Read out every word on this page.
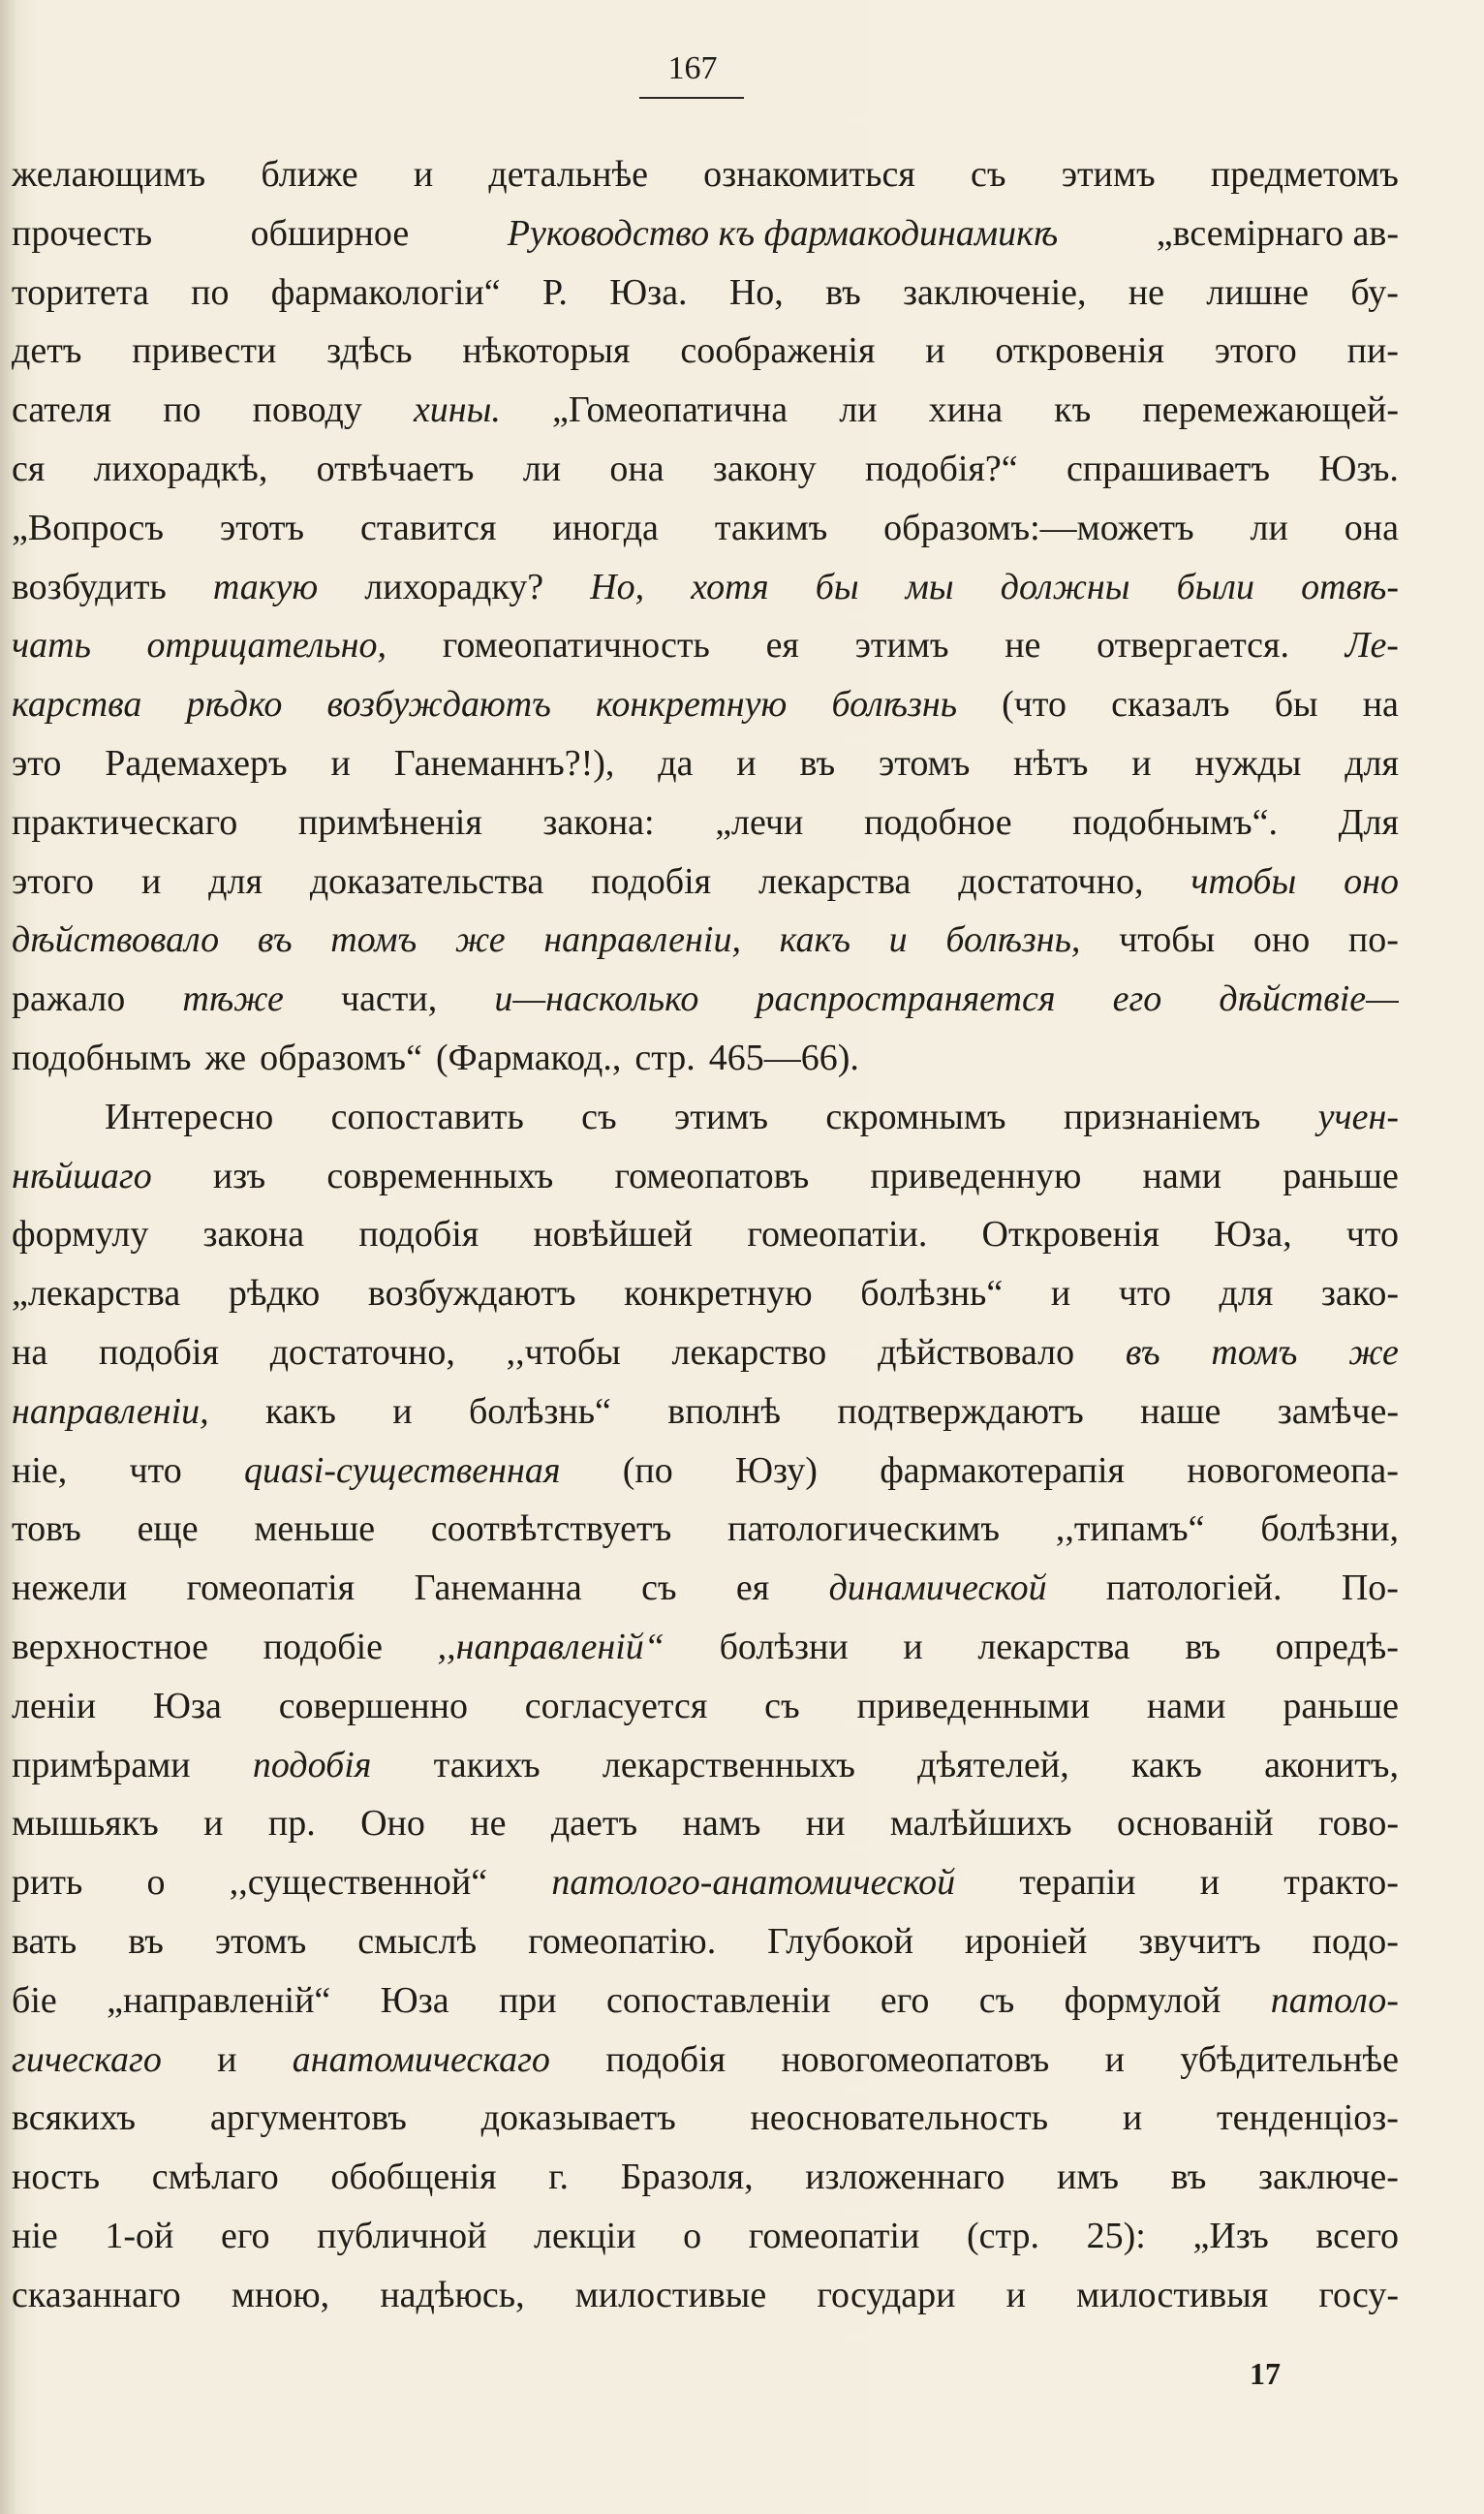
167
желающимъ ближе и детальнѣе ознакомиться съ этимъ предметомъ
прочесть	обширное	Руководство къ фармакодинамикѣ	„всемірнаго ав-
торитета по фармакологіи“ Р. Юза. Но, въ заключеніе, не лишне бу-
детъ привести здѣсь нѣкоторыя соображенія и откровенія этого пи-
сателя по поводу хины. „Гомеопатична ли хина къ перемежающей-
ся лихорадкѣ, отвѣчаетъ ли она закону подобія?“ спрашиваетъ Юзъ.
„Вопросъ этотъ ставится иногда такимъ образомъ:—можетъ ли она
возбудить такую лихорадку? Но, хотя бы мы должны были отвѣ-
чать отрицательно, гомеопатичность ея этимъ не отвергается. Ле-
карства рѣдко возбуждаютъ конкретную болѣзнь (что сказалъ бы на
это Радемахеръ и Ганеманнъ?!), да и въ этомъ нѣтъ и нужды для
практическаго примѣненія закона: „лечи подобное подобнымъ“. Для
этого и для доказательства подобія лекарства достаточно, чтобы оно
дѣйствовало въ томъ же направленіи, какъ и болѣзнь, чтобы оно по-
ражало тѣже части, и—насколько распространяется его дѣйствіе—
подобнымъ же образомъ“ (Фармакод., стр. 465—66).
Интересно сопоставить съ этимъ скромнымъ признаніемъ учен-
нѣйшаго изъ современныхъ гомеопатовъ приведенную нами раньше
формулу закона подобія новѣйшей гомеопатіи. Откровенія Юза, что
„лекарства рѣдко возбуждаютъ конкретную болѣзнь“ и что для зако-
на подобія достаточно, ,,чтобы лекарство дѣйствовало въ томъ же
направленіи, какъ и болѣзнь“ вполнѣ подтверждаютъ наше замѣче-
ніе, что quasi-существенная (по Юзу) фармакотерапія новогомеопа-
товъ еще меньше соотвѣтствуетъ патологическимъ ,,типамъ“ болѣзни,
нежели гомеопатія Ганеманна съ ея динамической патологіей. По-
верхностное подобіе ,,направленій“ болѣзни и лекарства въ опредѣ-
леніи Юза совершенно согласуется съ приведенными нами раньше
примѣрами подобія такихъ лекарственныхъ дѣятелей, какъ аконитъ,
мышьякъ и пр. Оно не даетъ намъ ни малѣйшихъ основаній гово-
рить о ,,существенной“ патолого-анатомической терапіи и тракто-
вать въ этомъ смыслѣ гомеопатію. Глубокой ироніей звучитъ подо-
біе „направленій“ Юза при сопоставленіи его съ формулой патоло-
гическаго и анатомическаго подобія новогомеопатовъ и убѣдительнѣе
всякихъ аргументовъ доказываетъ неосновательность и тенденціоз-
ность смѣлаго обобщенія г. Бразоля, изложеннаго имъ въ заключе-
ніе 1-ой его публичной лекціи о гомеопатіи (стр. 25): „Изъ всего
сказаннаго мною, надѣюсь, милостивые государи и милостивыя госу-
17
